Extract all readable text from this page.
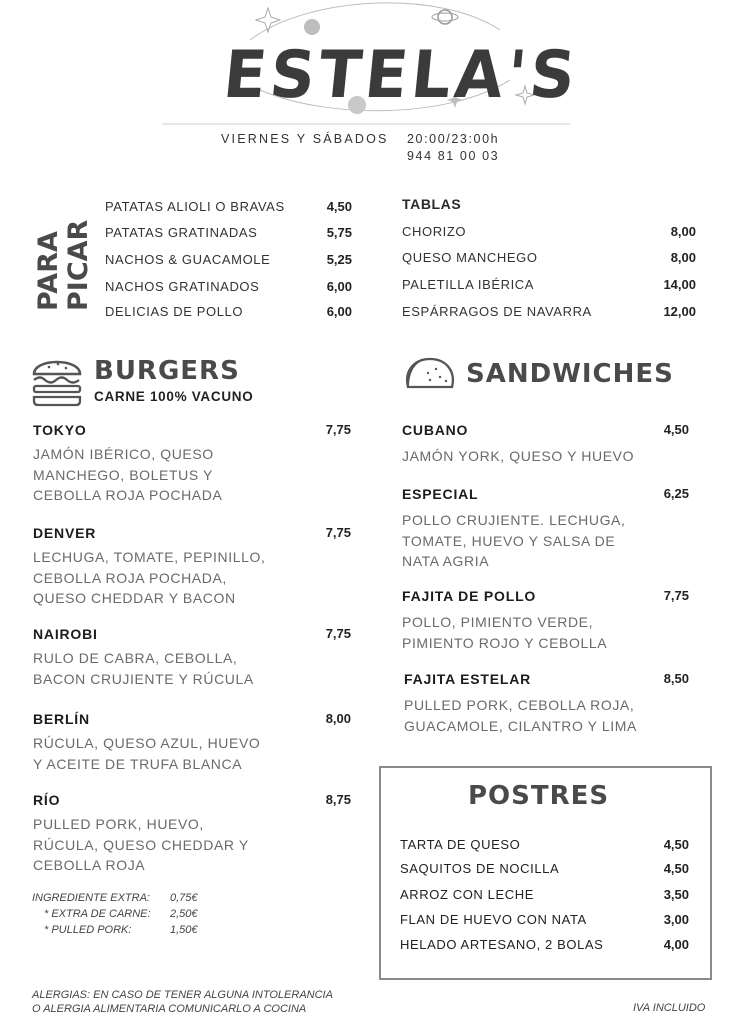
ESTELA'S
VIERNES Y SÁBADOS 20:00/23:00h
944 81 00 03
PARA PICAR
PATATAS ALIOLI O BRAVAS	4,50
PATATAS GRATINADAS	5,75
NACHOS & GUACAMOLE	5,25
NACHOS GRATINADOS	6,00
DELICIAS DE POLLO	6,00
TABLAS
CHORIZO	8,00
QUESO MANCHEGO	8,00
PALETILLA IBÉRICA	14,00
ESPÁRRAGOS DE NAVARRA	12,00
BURGERS
CARNE 100% VACUNO
TOKYO	7,75
JAMÓN IBÉRICO, QUESO
MANCHEGO, BOLETUS Y
CEBOLLA ROJA POCHADA
DENVER	7,75
LECHUGA, TOMATE, PEPINILLO,
CEBOLLA ROJA POCHADA,
QUESO CHEDDAR Y BACON
NAIROBI	7,75
RULO DE CABRA, CEBOLLA,
BACON CRUJIENTE Y RÚCULA
BERLÍN	8,00
RÚCULA, QUESO AZUL, HUEVO
Y ACEITE DE TRUFA BLANCA
RÍO	8,75
PULLED PORK, HUEVO,
RÚCULA, QUESO CHEDDAR Y
CEBOLLA ROJA
INGREDIENTE EXTRA: 0,75€
* EXTRA DE CARNE: 2,50€
* PULLED PORK:	1,50€
SANDWICHES
CUBANO	4,50
JAMÓN YORK, QUESO Y HUEVO
ESPECIAL	6,25
POLLO CRUJIENTE. LECHUGA,
TOMATE, HUEVO Y SALSA DE
NATA AGRIA
FAJITA DE POLLO	7,75
POLLO, PIMIENTO VERDE,
PIMIENTO ROJO Y CEBOLLA
FAJITA ESTELAR	8,50
PULLED PORK, CEBOLLA ROJA,
GUACAMOLE, CILANTRO Y LIMA
POSTRES
TARTA DE QUESO	4,50
SAQUITOS DE NOCILLA	4,50
ARROZ CON LECHE	3,50
FLAN DE HUEVO CON NATA	3,00
HELADO ARTESANO, 2 BOLAS	4,00
ALERGIAS: EN CASO DE TENER ALGUNA INTOLERANCIA
O ALERGIA ALIMENTARIA COMUNICARLO A COCINA	IVA INCLUIDO
